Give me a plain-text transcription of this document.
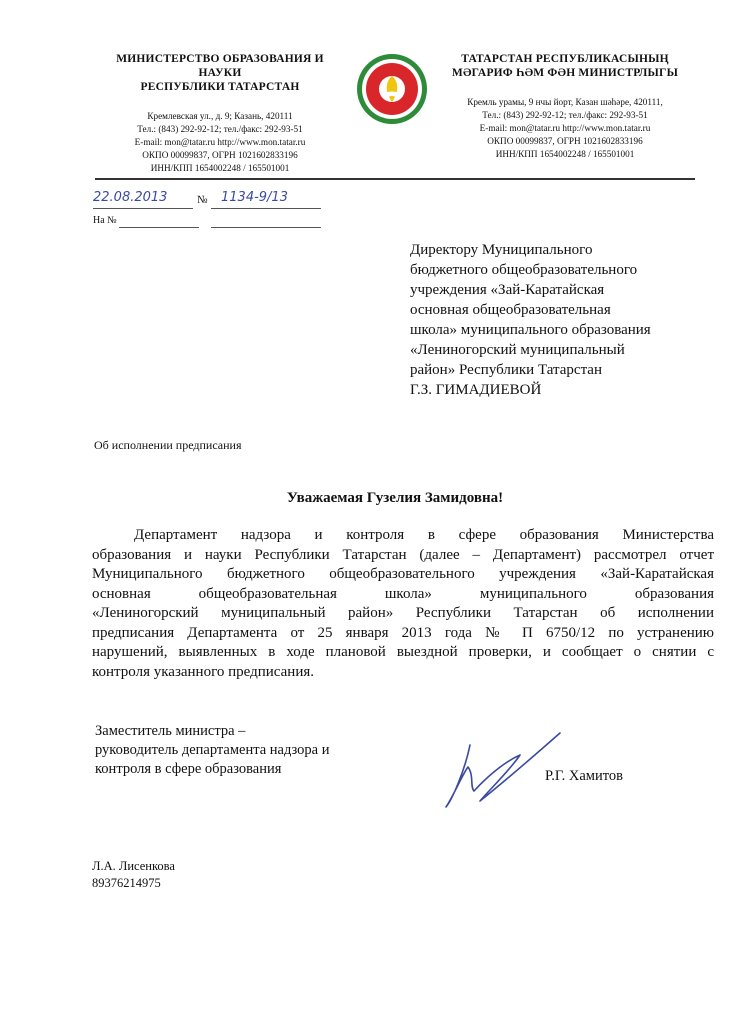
МИНИСТЕРСТВО ОБРАЗОВАНИЯ И НАУКИ
РЕСПУБЛИКИ ТАТАРСТАН
Кремлевская ул., д. 9; Казань, 420111
Тел.: (843) 292-92-12; тел./факс: 292-93-51
E-mail: mon@tatar.ru http://www.mon.tatar.ru
ОКПО 00099837, ОГРН 1021602833196
ИНН/КПП 1654002248 / 165501001
ТАТАРСТАН РЕСПУБЛИКАСЫНЫҢ
МӘГАРИФ ҺӘМ ФӘН МИНИСТРЛЫГЫ
Кремль урамы, 9 нчы йорт, Казан шәһәре, 420111,
Тел.: (843) 292-92-12; тел./факс: 292-93-51
E-mail: mon@tatar.ru http://www.mon.tatar.ru
ОКПО 00099837, ОГРН 1021602833196
ИНН/КПП 1654002248 / 165501001
22.08.2013	№ 1134-9/13
На №
Директору Муниципального
бюджетного общеобразовательного
учреждения «Зай-Каратайская
основная общеобразовательная
школа» муниципального образования
«Лениногорский муниципальный
район» Республики Татарстан
Г.З. ГИМАДИЕВОЙ
Об исполнении предписания
Уважаемая Гузелия Замидовна!
Департамент надзора и контроля в сфере образования Министерства
образования и науки Республики Татарстан (далее – Департамент) рассмотрел отчет
Муниципального бюджетного общеобразовательного учреждения «Зай-Каратайская
основная общеобразовательная школа» муниципального образования
«Лениногорский муниципальный район» Республики Татарстан об исполнении
предписания Департамента от 25 января 2013 года № П 6750/12 по устранению
нарушений, выявленных в ходе плановой выездной проверки, и сообщает о снятии с
контроля указанного предписания.
Заместитель министра –
руководитель департамента надзора и
контроля в сфере образования	Р.Г. Хамитов
Л.А. Лисенкова
89376214975
